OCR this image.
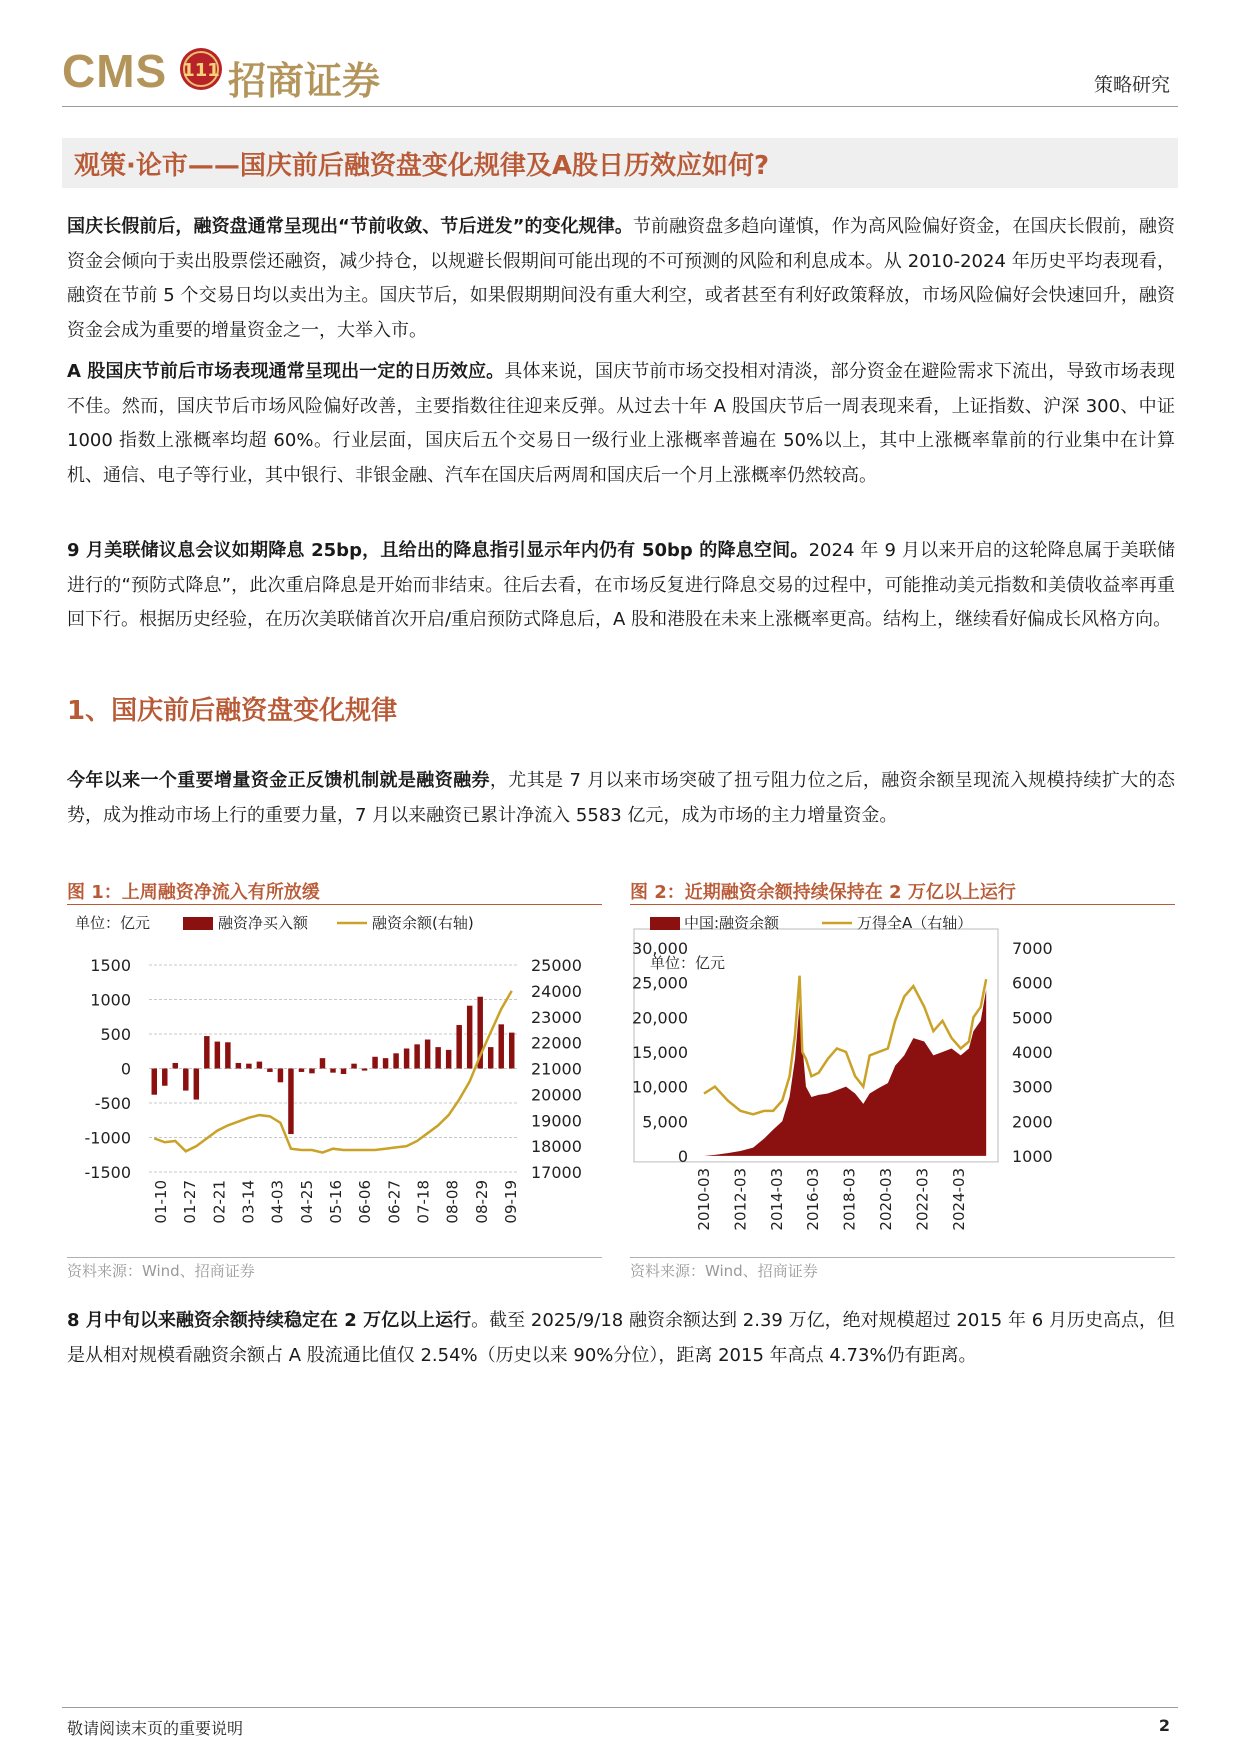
CMS 111 招商证券	策略研究
观策·论市——国庆前后融资盘变化规律及A股日历效应如何?
国庆长假前后，融资盘通常呈现出“节前收敛、节后迸发”的变化规律。节前融资盘多趋向谨慎，作为高风险偏好资金，在国庆长假前，融资资金会倾向于卖出股票偿还融资，减少持仓，以规避长假期间可能出现的不可预测的风险和利息成本。从 2010-2024 年历史平均表现看，融资在节前 5 个交易日均以卖出为主。国庆节后，如果假期期间没有重大利空，或者甚至有利好政策释放，市场风险偏好会快速回升，融资资金会成为重要的增量资金之一，大举入市。
A 股国庆节前后市场表现通常呈现出一定的日历效应。具体来说，国庆节前市场交投相对清淡，部分资金在避险需求下流出，导致市场表现不佳。然而，国庆节后市场风险偏好改善，主要指数往往迎来反弹。从过去十年 A 股国庆节后一周表现来看，上证指数、沪深 300、中证 1000 指数上涨概率均超 60%。行业层面，国庆后五个交易日一级行业上涨概率普遍在 50%以上，其中上涨概率靠前的行业集中在计算机、通信、电子等行业，其中银行、非银金融、汽车在国庆后两周和国庆后一个月上涨概率仍然较高。
9 月美联储议息会议如期降息 25bp，且给出的降息指引显示年内仍有 50bp 的降息空间。2024 年 9 月以来开启的这轮降息属于美联储进行的“预防式降息”，此次重启降息是开始而非结束。往后去看，在市场反复进行降息交易的过程中，可能推动美元指数和美债收益率再重回下行。根据历史经验，在历次美联储首次开启/重启预防式降息后，A 股和港股在未来上涨概率更高。结构上，继续看好偏成长风格方向。
1、国庆前后融资盘变化规律
今年以来一个重要增量资金正反馈机制就是融资融券，尤其是 7 月以来市场突破了扭亏阻力位之后，融资余额呈现流入规模持续扩大的态势，成为推动市场上行的重要力量，7 月以来融资已累计净流入 5583 亿元，成为市场的主力增量资金。
图 1：上周融资净流入有所放缓
1500
1000
500
0
-500
-1000
-1500
25000
24000
23000
22000
21000
20000
19000
18000
17000
单位：亿元	融资净买入额	融资余额(右轴)
01-10 01-27 02-21 03-14 04-03 04-25 05-16 06-06 06-27 07-18 08-08 08-29 09-19
资料来源：Wind、招商证券
图 2：近期融资余额持续保持在 2 万亿以上运行
30,000
25,000
20,000
15,000
10,000
5,000
0
7000
6000
5000
4000
3000
2000
1000
中国:融资余额	万得全A（右轴）
单位：亿元
2010-03 2012-03 2014-03 2016-03 2018-03 2020-03 2022-03 2024-03
资料来源：Wind、招商证券
8 月中旬以来融资余额持续稳定在 2 万亿以上运行。截至 2025/9/18 融资余额达到 2.39 万亿，绝对规模超过 2015 年 6 月历史高点，但是从相对规模看融资余额占 A 股流通比值仅 2.54%（历史以来 90%分位），距离 2015 年高点 4.73%仍有距离。
敬请阅读末页的重要说明	2
